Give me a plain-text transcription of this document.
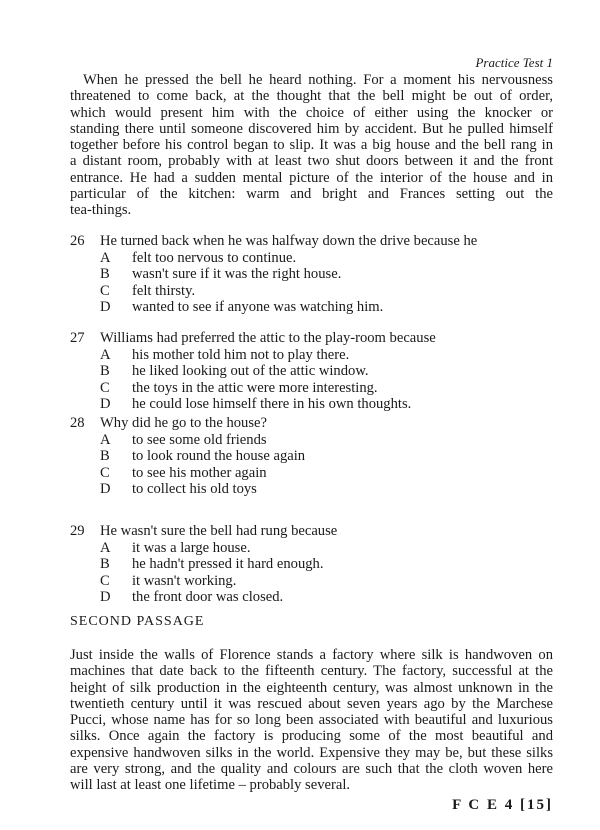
Practice Test 1
When he pressed the bell he heard nothing. For a moment his nervousness
threatened to come back, at the thought that the bell might be out of order,
which would present him with the choice of either using the knocker or
standing there until someone discovered him by accident. But he pulled himself
together before his control began to slip. It was a big house and the bell rang in
a distant room, probably with at least two shut doors between it and the front
entrance. He had a sudden mental picture of the interior of the house and in
particular of the kitchen: warm and bright and Frances setting out the
tea-things.
26	He turned back when he was halfway down the drive because he
A	felt too nervous to continue.
B	wasn't sure if it was the right house.
C	felt thirsty.
D	wanted to see if anyone was watching him.
27	Williams had preferred the attic to the play-room because
A	his mother told him not to play there.
B	he liked looking out of the attic window.
C	the toys in the attic were more interesting.
D	he could lose himself there in his own thoughts.
28	Why did he go to the house?
A	to see some old friends
B	to look round the house again
C	to see his mother again
D	to collect his old toys
29	He wasn't sure the bell had rung because
A	it was a large house.
B	he hadn't pressed it hard enough.
C	it wasn't working.
D	the front door was closed.
SECOND PASSAGE
Just inside the walls of Florence stands a factory where silk is handwoven on
machines that date back to the fifteenth century. The factory, successful at the
height of silk production in the eighteenth century, was almost unknown in the
twentieth century until it was rescued about seven years ago by the Marchese
Pucci, whose name has for so long been associated with beautiful and luxurious
silks. Once again the factory is producing some of the most beautiful and
expensive handwoven silks in the world. Expensive they may be, but these silks
are very strong, and the quality and colours are such that the cloth woven here
will last at least one lifetime – probably several.
F C E 4 [15]
